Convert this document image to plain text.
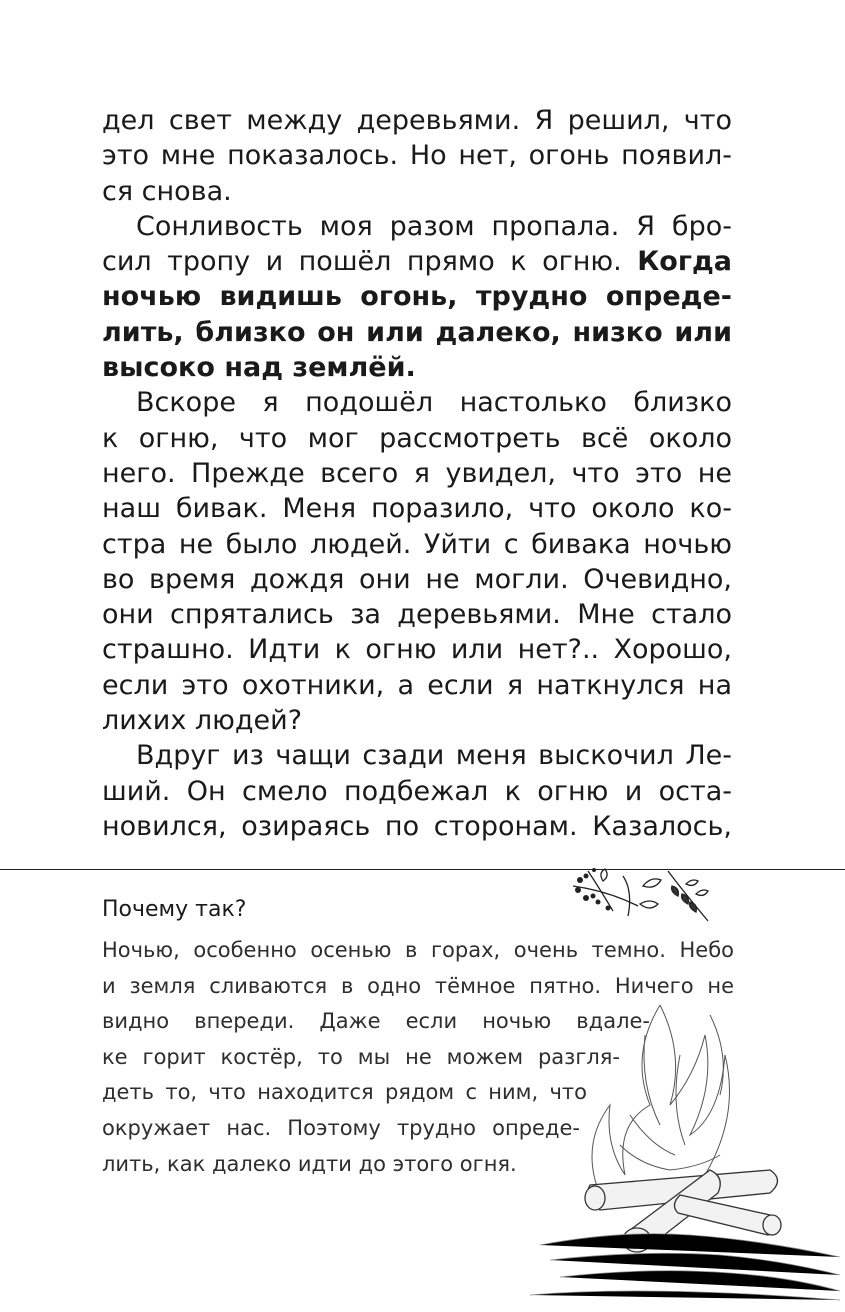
дел свет между деревьями. Я решил, что
это мне показалось. Но нет, огонь появил-
ся снова.
Сонливость моя разом пропала. Я бро-
сил тропу и пошёл прямо к огню. Когда
ночью видишь огонь, трудно опреде-
лить, близко он или далеко, низко или
высоко над землёй.
Вскоре я подошёл настолько близко
к огню, что мог рассмотреть всё около
него. Прежде всего я увидел, что это не
наш бивак. Меня поразило, что около ко-
стра не было людей. Уйти с бивака ночью
во время дождя они не могли. Очевидно,
они спрятались за деревьями. Мне стало
страшно. Идти к огню или нет?.. Хорошо,
если это охотники, а если я наткнулся на
лихих людей?
Вдруг из чащи сзади меня выскочил Ле-
ший. Он смело подбежал к огню и оста-
новился, озираясь по сторонам. Казалось,
Почему так?
Ночью, особенно осенью в горах, очень темно. Небо
и земля сливаются в одно тёмное пятно. Ничего не
видно впереди. Даже если ночью вдале-
ке горит костёр, то мы не можем разгля-
деть то, что находится рядом с ним, что
окружает нас. Поэтому трудно опреде-
лить, как далеко идти до этого огня.
